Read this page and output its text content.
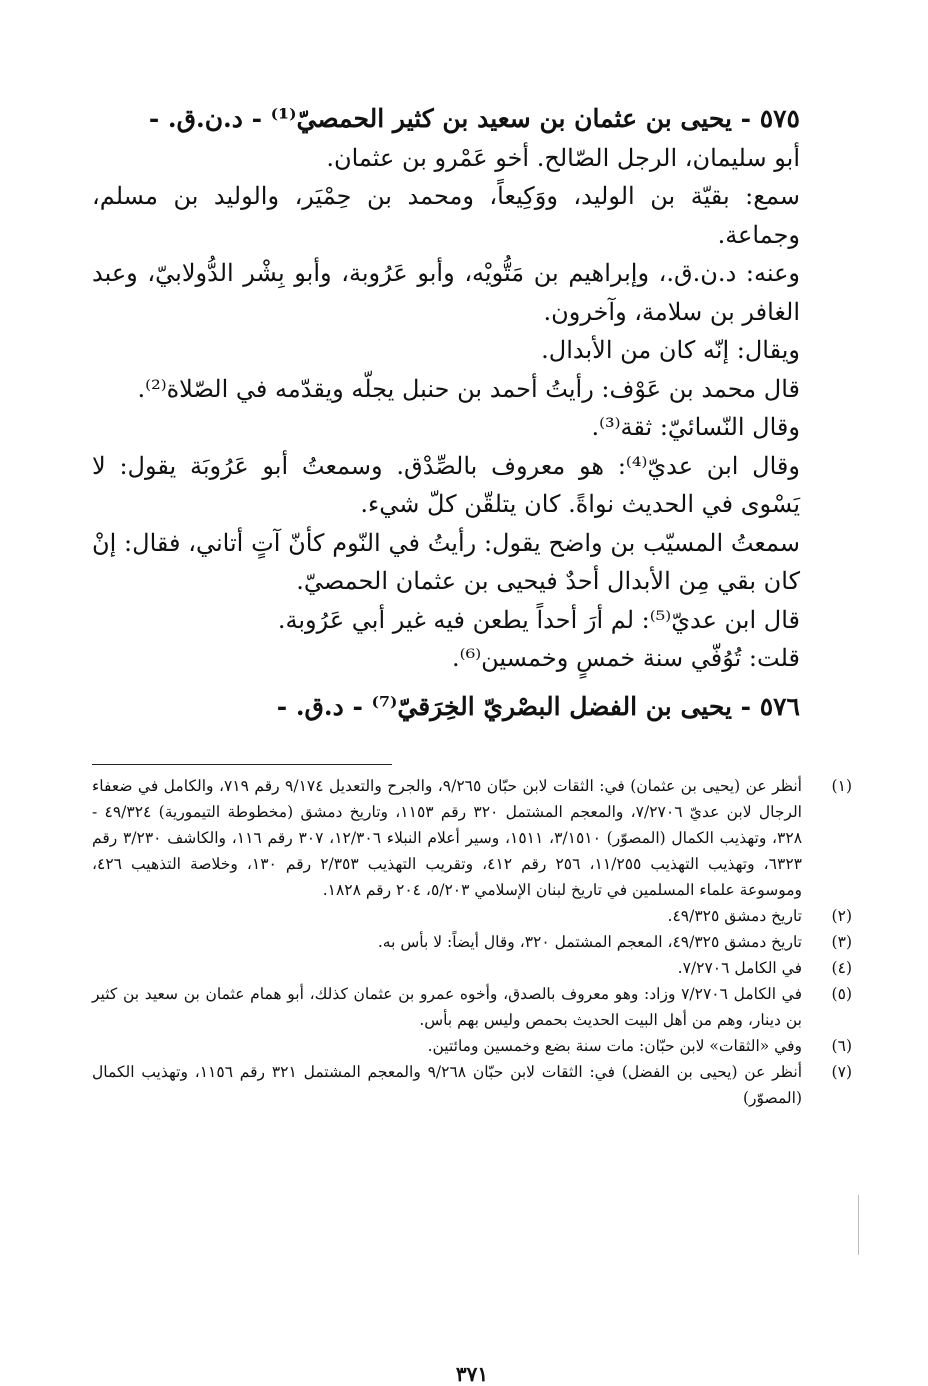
٥٧٥ - يحيى بن عثمان بن سعيد بن كثير الحمصيّ⁽¹⁾ - د.ن.ق. -

أبو سليمان، الرجل الصّالح. أخو عَمْرو بن عثمان.

سمع: بقيّة بن الوليد، ووَكِيعاً، ومحمد بن حِمْيَر، والوليد بن مسلم، وجماعة.

وعنه: د.ن.ق.، وإبراهيم بن مَتُّويْه، وأبو عَرُوبة، وأبو بِشْر الدُّولابيّ، وعبد الغافر بن سلامة، وآخرون.

ويقال: إنّه كان من الأبدال.

قال محمد بن عَوْف: رأيتُ أحمد بن حنبل يجلّه ويقدّمه في الصّلاة⁽²⁾.

وقال النّسائيّ: ثقة⁽³⁾.

وقال ابن عديّ⁽⁴⁾: هو معروف بالصِّدْق. وسمعتُ أبو عَرُوبَة يقول: لا يَسْوى في الحديث نواةً. كان يتلقّن كلّ شيء.

سمعتُ المسيّب بن واضح يقول: رأيتُ في النّوم كأنّ آتٍ أتاني، فقال: إنْ كان بقي مِن الأبدال أحدٌ فيحيى بن عثمان الحمصيّ.

قال ابن عديّ⁽⁵⁾: لم أرَ أحداً يطعن فيه غير أبي عَرُوبة.

قلت: تُوُفّي سنة خمسٍ وخمسين⁽⁶⁾.

٥٧٦ - يحيى بن الفضل البصْريّ الخِرَقيّ⁽⁷⁾ - د.ق. -

(١)
أنظر عن (يحيى بن عثمان) في: الثقات لابن حبّان ٩/٢٦٥، والجرح والتعديل ٩/١٧٤ رقم ٧١٩، والكامل في ضعفاء الرجال لابن عديّ ٧/٢٧٠٦، والمعجم المشتمل ٣٢٠ رقم ١١٥٣، وتاريخ دمشق (مخطوطة التيمورية) ٤٩/٣٢٤ - ٣٢٨، وتهذيب الكمال (المصوّر) ٣/١٥١٠، ١٥١١، وسير أعلام النبلاء ١٢/٣٠٦، ٣٠٧ رقم ١١٦، والكاشف ٣/٢٣٠ رقم ٦٣٢٣، وتهذيب التهذيب ١١/٢٥٥، ٢٥٦ رقم ٤١٢، وتقريب التهذيب ٢/٣٥٣ رقم ١٣٠، وخلاصة التذهيب ٤٢٦، وموسوعة علماء المسلمين في تاريخ لبنان الإسلامي ٥/٢٠٣، ٢٠٤ رقم ١٨٢٨.
(٢)
تاريخ دمشق ٤٩/٣٢٥.
(٣)
تاريخ دمشق ٤٩/٣٢٥، المعجم المشتمل ٣٢٠، وقال أيضاً: لا بأس به.
(٤)
في الكامل ٧/٢٧٠٦.
(٥)
في الكامل ٧/٢٧٠٦ وزاد: وهو معروف بالصدق، وأخوه عمرو بن عثمان كذلك، أبو همام عثمان بن سعيد بن كثير بن دينار، وهم من أهل البيت الحديث بحمص وليس بهم بأس.
(٦)
وفي «الثقات» لابن حبّان: مات سنة بضع وخمسين ومائتين.
(٧)
أنظر عن (يحيى بن الفضل) في: الثقات لابن حبّان ٩/٢٦٨ والمعجم المشتمل ٣٢١ رقم ١١٥٦، وتهذيب الكمال (المصوّر)
٣٧١
